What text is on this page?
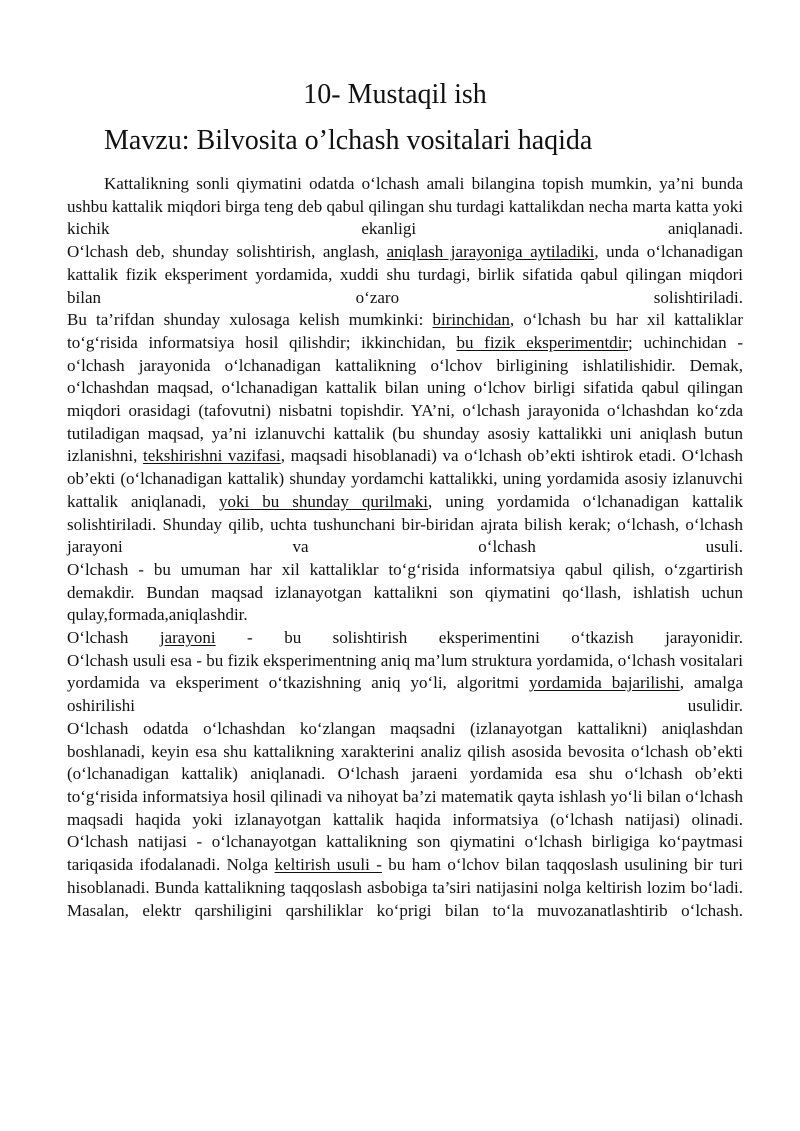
10- Mustaqil ish
Mavzu: Bilvosita o’lchash vositalari haqida

Kattalikning sonli qiymatini odatda o‘lchash amali bilangina topish mumkin, ya’ni bunda ushbu kattalik miqdori birga teng deb qabul qilingan shu turdagi kattalikdan necha marta katta yoki kichik ekanligi aniqlanadi.

O‘lchash deb, shunday solishtirish, anglash, aniqlash jarayoniga aytiladiki, unda o‘lchanadigan kattalik fizik eksperiment yordamida, xuddi shu turdagi, birlik sifatida qabul qilingan miqdori bilan o‘zaro solishtiriladi.

Bu ta’rifdan shunday xulosaga kelish mumkinki: birinchidan, o‘lchash bu har xil kattaliklar to‘g‘risida informatsiya hosil qilishdir; ikkinchidan, bu fizik eksperimentdir; uchinchidan - o‘lchash jarayonida o‘lchanadigan kattalikning o‘lchov birligining ishlatilishidir. Demak, o‘lchashdan maqsad, o‘lchanadigan kattalik bilan uning o‘lchov birligi sifatida qabul qilingan miqdori orasidagi (tafovutni) nisbatni topishdir. YA’ni, o‘lchash jarayonida o‘lchashdan ko‘zda tutiladigan maqsad, ya’ni izlanuvchi kattalik (bu shunday asosiy kattalikki uni aniqlash butun izlanishni, tekshirishni vazifasi, maqsadi hisoblanadi) va o‘lchash ob’ekti ishtirok etadi. O‘lchash ob’ekti (o‘lchanadigan kattalik) shunday yordamchi kattalikki, uning yordamida asosiy izlanuvchi kattalik aniqlanadi, yoki bu shunday qurilmaki, uning yordamida o‘lchanadigan kattalik solishtiriladi. Shunday qilib, uchta tushunchani bir-biridan ajrata bilish kerak; o‘lchash, o‘lchash jarayoni va o‘lchash usuli.

O‘lchash - bu umuman har xil kattaliklar to‘g‘risida informatsiya qabul qilish, o‘zgartirish demakdir. Bundan maqsad izlanayotgan kattalikni son qiymatini qo‘llash, ishlatish uchun qulay,formada,aniqlashdir.

O‘lchash jarayoni - bu solishtirish eksperimentini o‘tkazish jarayonidir.

O‘lchash usuli esa - bu fizik eksperimentning aniq ma’lum struktura yordamida, o‘lchash vositalari yordamida va eksperiment o‘tkazishning aniq yo‘li, algoritmi yordamida bajarilishi, amalga oshirilishi usulidir.

O‘lchash odatda o‘lchashdan ko‘zlangan maqsadni (izlanayotgan kattalikni) aniqlashdan boshlanadi, keyin esa shu kattalikning xarakterini analiz qilish asosida bevosita o‘lchash ob’ekti (o‘lchanadigan kattalik) aniqlanadi. O‘lchash jaraeni yordamida esa shu o‘lchash ob’ekti to‘g‘risida informatsiya hosil qilinadi va nihoyat ba’zi matematik qayta ishlash yo‘li bilan o‘lchash maqsadi haqida yoki izlanayotgan kattalik haqida informatsiya (o‘lchash natijasi) olinadi.

O‘lchash natijasi - o‘lchanayotgan kattalikning son qiymatini o‘lchash birligiga ko‘paytmasi tariqasida ifodalanadi. Nolga keltirish usuli - bu ham o‘lchov bilan taqqoslash usulining bir turi hisoblanadi. Bunda kattalikning taqqoslash asbobiga ta’siri natijasini nolga keltirish lozim bo‘ladi. Masalan, elektr qarshiligini qarshiliklar ko‘prigi bilan to‘la muvozanatlashtirib o‘lchash.
